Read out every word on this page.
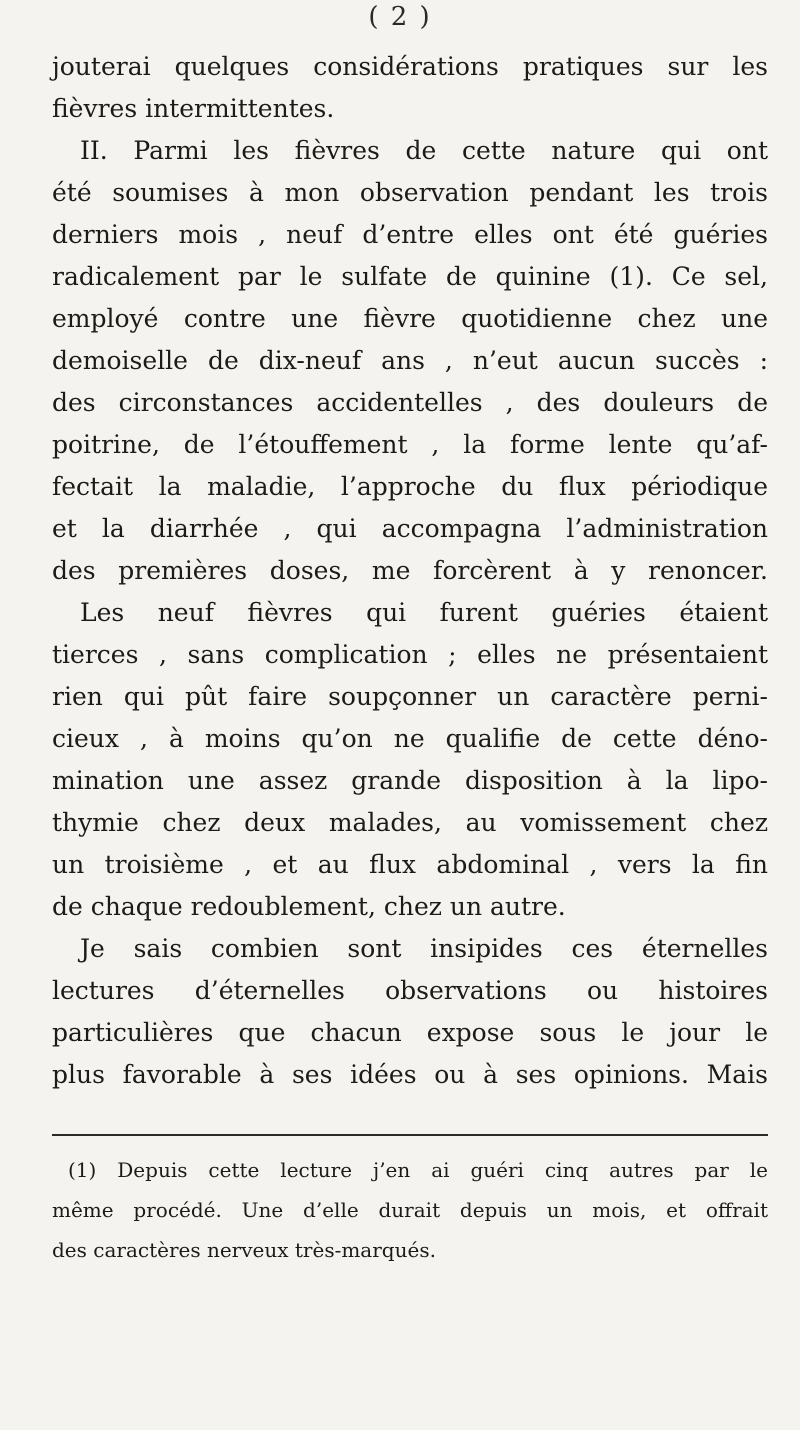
( 2 )
jouterai quelques considérations pratiques sur les
fièvres intermittentes.
II. Parmi les fièvres de cette nature qui ont
été soumises à mon observation pendant les trois
derniers mois , neuf d’entre elles ont été guéries
radicalement par le sulfate de quinine (1). Ce sel,
employé contre une fièvre quotidienne chez une
demoiselle de dix-neuf ans , n’eut aucun succès :
des circonstances accidentelles , des douleurs de
poitrine, de l’étouffement , la forme lente qu’af-
fectait la maladie, l’approche du flux périodique
et la diarrhée , qui accompagna l’administration
des premières doses, me forcèrent à y renoncer.
Les neuf fièvres qui furent guéries étaient
tierces , sans complication ; elles ne présentaient
rien qui pût faire soupçonner un caractère perni-
cieux , à moins qu’on ne qualifie de cette déno-
mination une assez grande disposition à la lipo-
thymie chez deux malades, au vomissement chez
un troisième , et au flux abdominal , vers la fin
de chaque redoublement, chez un autre.
Je sais combien sont insipides ces éternelles
lectures d’éternelles observations ou histoires
particulières que chacun expose sous le jour le
plus favorable à ses idées ou à ses opinions. Mais
(1) Depuis cette lecture j’en ai guéri cinq autres par le
même procédé. Une d’elle durait depuis un mois, et offrait
des caractères nerveux très-marqués.
